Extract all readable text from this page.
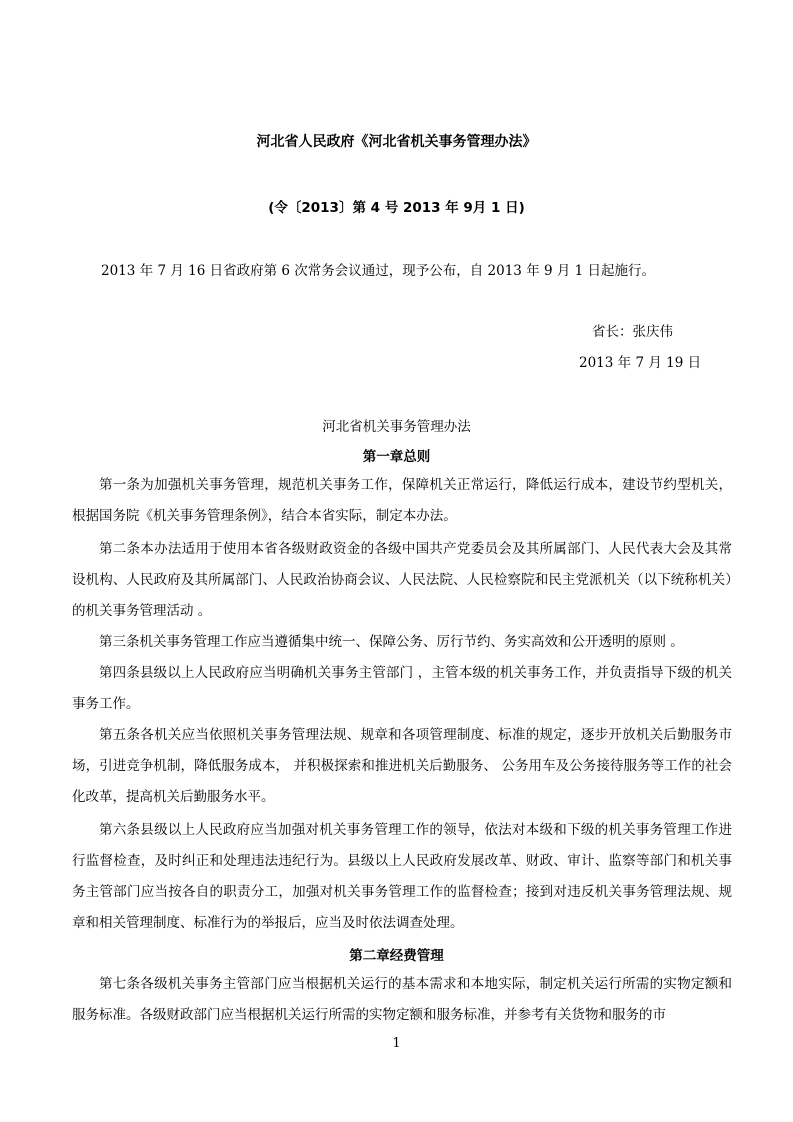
河北省人民政府《河北省机关事务管理办法》
(令〔2013〕第 4 号 2013 年 9月 1 日)
2013 年 7 月 16 日省政府第 6 次常务会议通过，现予公布，自 2013 年 9 月 1 日起施行。
省长：张庆伟
2013 年 7 月 19 日
河北省机关事务管理办法
第一章总则
第一条为加强机关事务管理，规范机关事务工作，保障机关正常运行，降低运行成本，建设节约型机关，根据国务院《机关事务管理条例》，结合本省实际，制定本办法。
第二条本办法适用于使用本省各级财政资金的各级中国共产党委员会及其所属部门、人民代表大会及其常设机构、人民政府及其所属部门、人民政治协商会议、人民法院、人民检察院和民主党派机关（以下统称机关）的机关事务管理活动 。
第三条机关事务管理工作应当遵循集中统一、保障公务、厉行节约、务实高效和公开透明的原则 。
第四条县级以上人民政府应当明确机关事务主管部门 ，主管本级的机关事务工作，并负责指导下级的机关事务工作。
第五条各机关应当依照机关事务管理法规、规章和各项管理制度、标准的规定，逐步开放机关后勤服务市场，引进竞争机制，降低服务成本， 并积极探索和推进机关后勤服务、 公务用车及公务接待服务等工作的社会化改革，提高机关后勤服务水平。
第六条县级以上人民政府应当加强对机关事务管理工作的领导，依法对本级和下级的机关事务管理工作进行监督检查，及时纠正和处理违法违纪行为。县级以上人民政府发展改革、财政、审计、监察等部门和机关事务主管部门应当按各自的职责分工，加强对机关事务管理工作的监督检查；接到对违反机关事务管理法规、规章和相关管理制度、标准行为的举报后，应当及时依法调查处理。
第二章经费管理
第七条各级机关事务主管部门应当根据机关运行的基本需求和本地实际，制定机关运行所需的实物定额和服务标准。各级财政部门应当根据机关运行所需的实物定额和服务标准，并参考有关货物和服务的市
1
